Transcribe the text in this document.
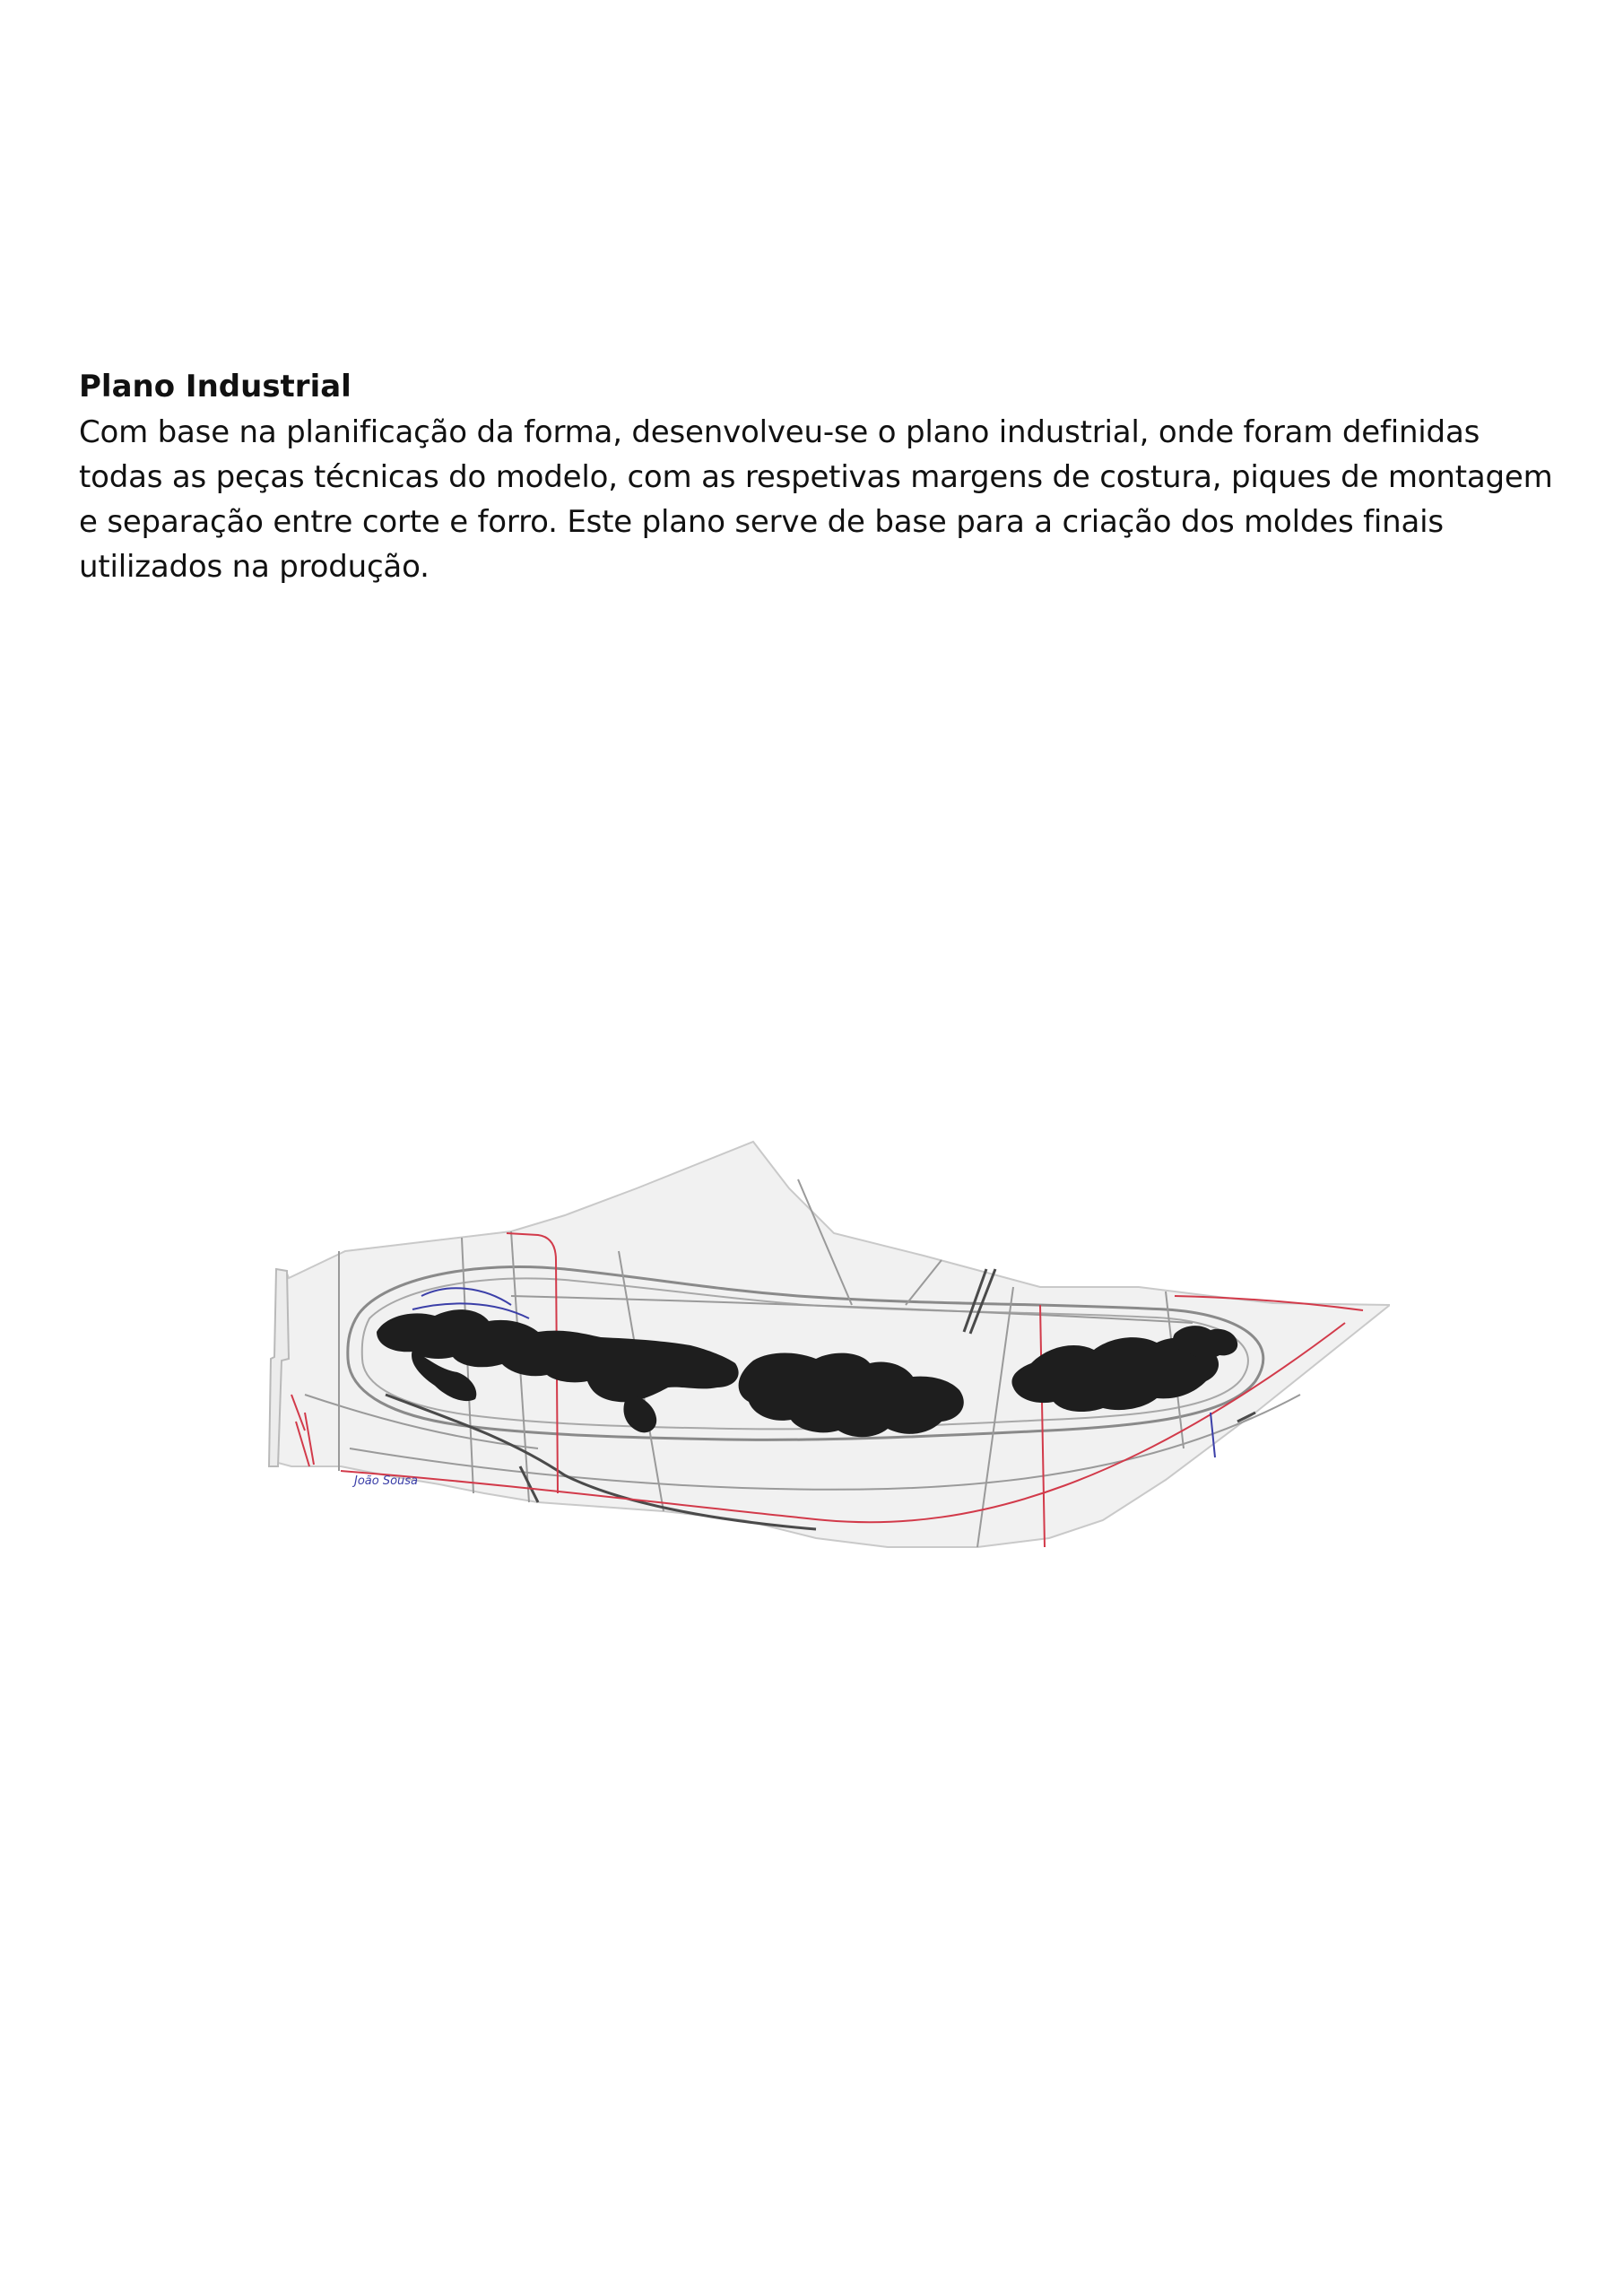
Plano Industrial

Com base na planificação da forma, desenvolveu-se o plano industrial, onde foram definidas todas as peças técnicas do modelo, com as respetivas margens de costura, piques de montagem e separação entre corte e forro. Este plano serve de base para a criação dos moldes finais utilizados na produção.

João Sousa
